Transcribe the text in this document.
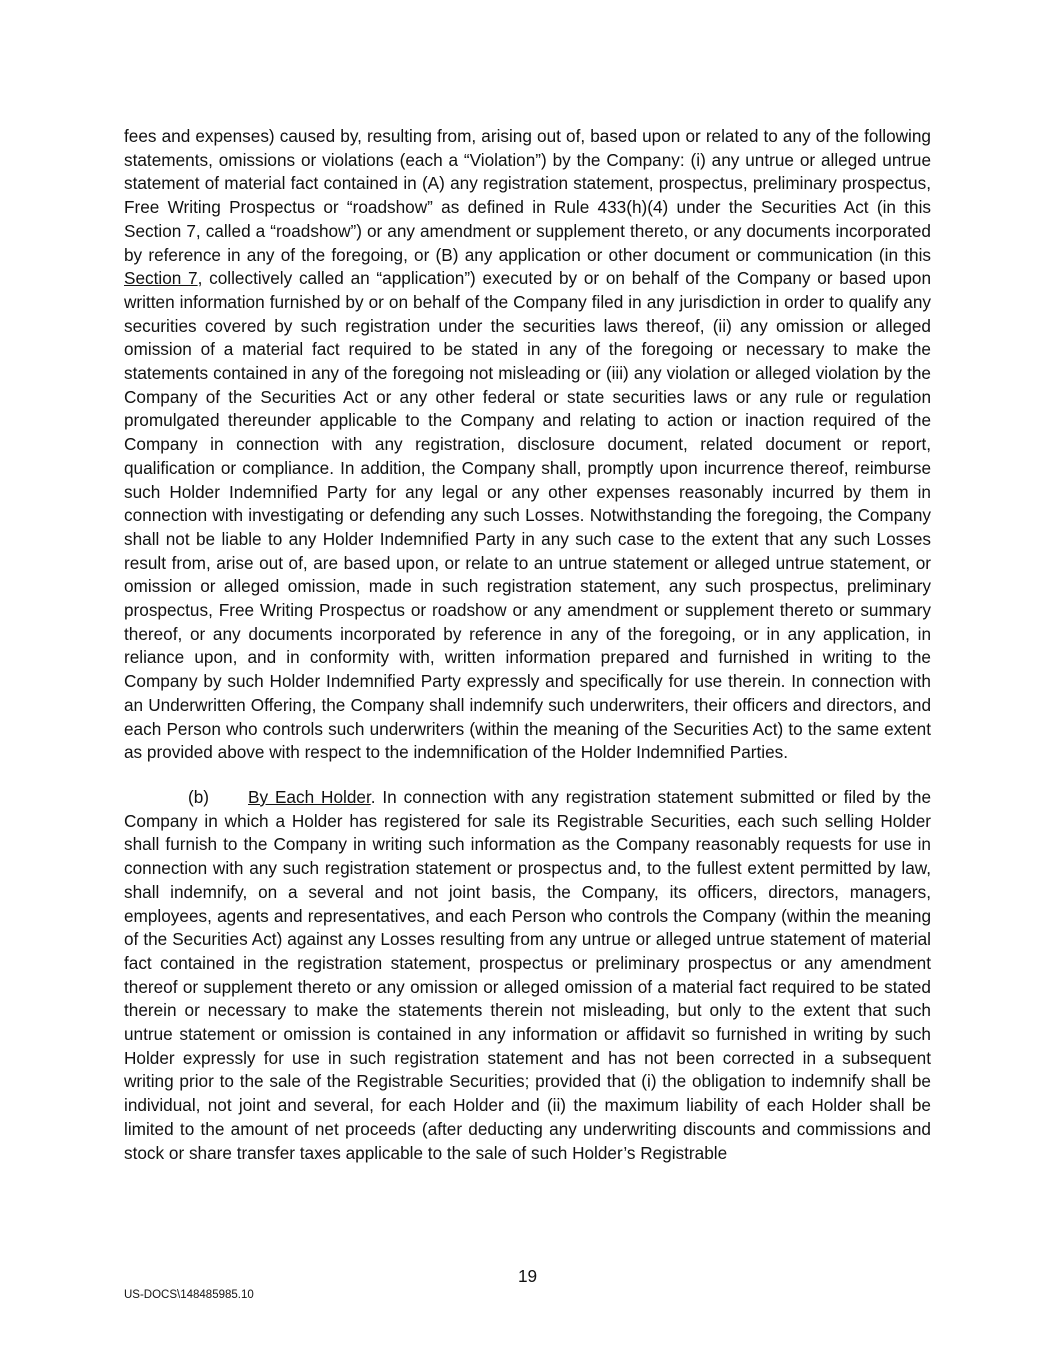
fees and expenses) caused by, resulting from, arising out of, based upon or related to any of the following statements, omissions or violations (each a “Violation”) by the Company: (i) any untrue or alleged untrue statement of material fact contained in (A) any registration statement, prospectus, preliminary prospectus, Free Writing Prospectus or “roadshow” as defined in Rule 433(h)(4) under the Securities Act (in this Section 7, called a “roadshow”) or any amendment or supplement thereto, or any documents incorporated by reference in any of the foregoing, or (B) any application or other document or communication (in this Section 7, collectively called an “application”) executed by or on behalf of the Company or based upon written information furnished by or on behalf of the Company filed in any jurisdiction in order to qualify any securities covered by such registration under the securities laws thereof, (ii) any omission or alleged omission of a material fact required to be stated in any of the foregoing or necessary to make the statements contained in any of the foregoing not misleading or (iii) any violation or alleged violation by the Company of the Securities Act or any other federal or state securities laws or any rule or regulation promulgated thereunder applicable to the Company and relating to action or inaction required of the Company in connection with any registration, disclosure document, related document or report, qualification or compliance. In addition, the Company shall, promptly upon incurrence thereof, reimburse such Holder Indemnified Party for any legal or any other expenses reasonably incurred by them in connection with investigating or defending any such Losses. Notwithstanding the foregoing, the Company shall not be liable to any Holder Indemnified Party in any such case to the extent that any such Losses result from, arise out of, are based upon, or relate to an untrue statement or alleged untrue statement, or omission or alleged omission, made in such registration statement, any such prospectus, preliminary prospectus, Free Writing Prospectus or roadshow or any amendment or supplement thereto or summary thereof, or any documents incorporated by reference in any of the foregoing, or in any application, in reliance upon, and in conformity with, written information prepared and furnished in writing to the Company by such Holder Indemnified Party expressly and specifically for use therein. In connection with an Underwritten Offering, the Company shall indemnify such underwriters, their officers and directors, and each Person who controls such underwriters (within the meaning of the Securities Act) to the same extent as provided above with respect to the indemnification of the Holder Indemnified Parties.

(b) By Each Holder. In connection with any registration statement submitted or filed by the Company in which a Holder has registered for sale its Registrable Securities, each such selling Holder shall furnish to the Company in writing such information as the Company reasonably requests for use in connection with any such registration statement or prospectus and, to the fullest extent permitted by law, shall indemnify, on a several and not joint basis, the Company, its officers, directors, managers, employees, agents and representatives, and each Person who controls the Company (within the meaning of the Securities Act) against any Losses resulting from any untrue or alleged untrue statement of material fact contained in the registration statement, prospectus or preliminary prospectus or any amendment thereof or supplement thereto or any omission or alleged omission of a material fact required to be stated therein or necessary to make the statements therein not misleading, but only to the extent that such untrue statement or omission is contained in any information or affidavit so furnished in writing by such Holder expressly for use in such registration statement and has not been corrected in a subsequent writing prior to the sale of the Registrable Securities; provided that (i) the obligation to indemnify shall be individual, not joint and several, for each Holder and (ii) the maximum liability of each Holder shall be limited to the amount of net proceeds (after deducting any underwriting discounts and commissions and stock or share transfer taxes applicable to the sale of such Holder’s Registrable

19
US-DOCS\148485985.10
